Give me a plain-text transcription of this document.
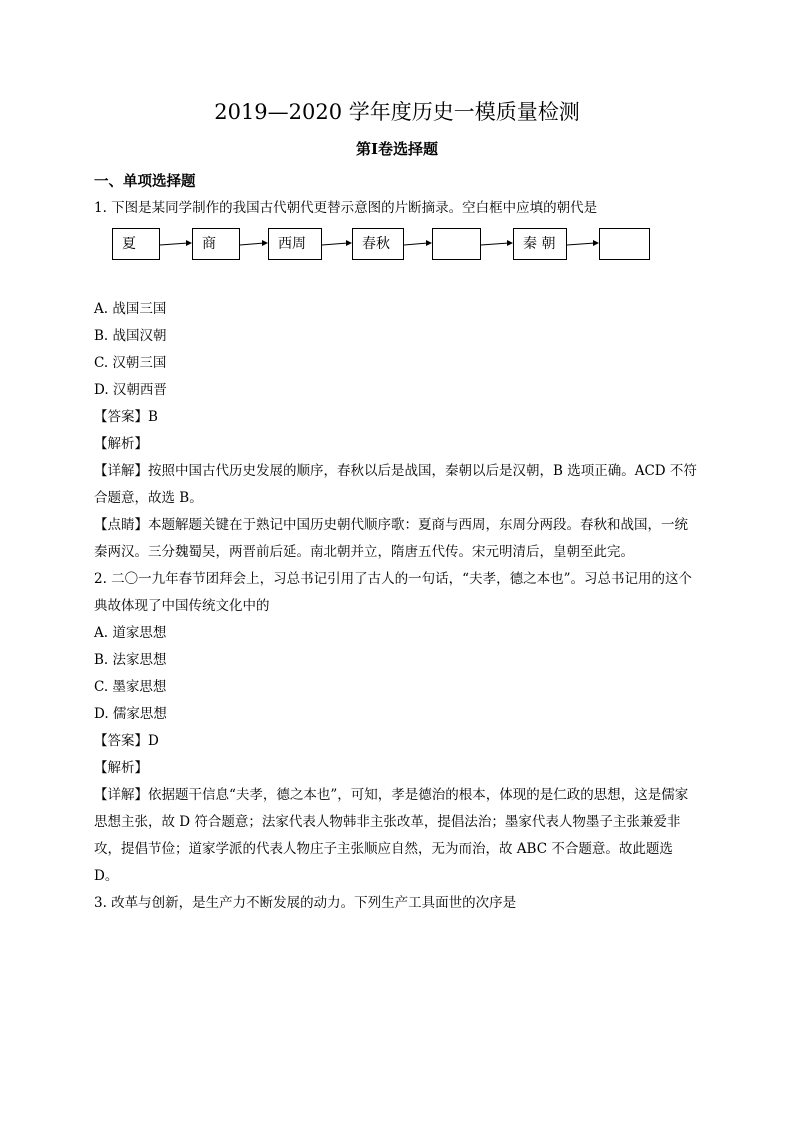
2019—2020 学年度历史一模质量检测
第Ⅰ卷选择题

一、单项选择题

1. 下图是某同学制作的我国古代朝代更替示意图的片断摘录。空白框中应填的朝代是

夏	商	西周	春秋	秦 朝

A. 战国三国

B. 战国汉朝

C. 汉朝三国

D. 汉朝西晋

【答案】B

【解析】

【详解】按照中国古代历史发展的顺序，春秋以后是战国，秦朝以后是汉朝，B 选项正确。ACD 不符合题意，故选 B。

【点睛】本题解题关键在于熟记中国历史朝代顺序歌：夏商与西周，东周分两段。春秋和战国，一统秦两汉。三分魏蜀吴，两晋前后延。南北朝并立，隋唐五代传。宋元明清后，皇朝至此完。

2. 二〇一九年春节团拜会上，习总书记引用了古人的一句话，“夫孝，德之本也”。习总书记用的这个典故体现了中国传统文化中的

A. 道家思想

B. 法家思想

C. 墨家思想

D. 儒家思想

【答案】D

【解析】

【详解】依据题干信息“夫孝，德之本也”，可知，孝是德治的根本，体现的是仁政的思想，这是儒家思想主张，故 D 符合题意；法家代表人物韩非主张改革，提倡法治；墨家代表人物墨子主张兼爱非攻，提倡节俭；道家学派的代表人物庄子主张顺应自然，无为而治，故 ABC 不合题意。故此题选 D。

3. 改革与创新，是生产力不断发展的动力。下列生产工具面世的次序是
